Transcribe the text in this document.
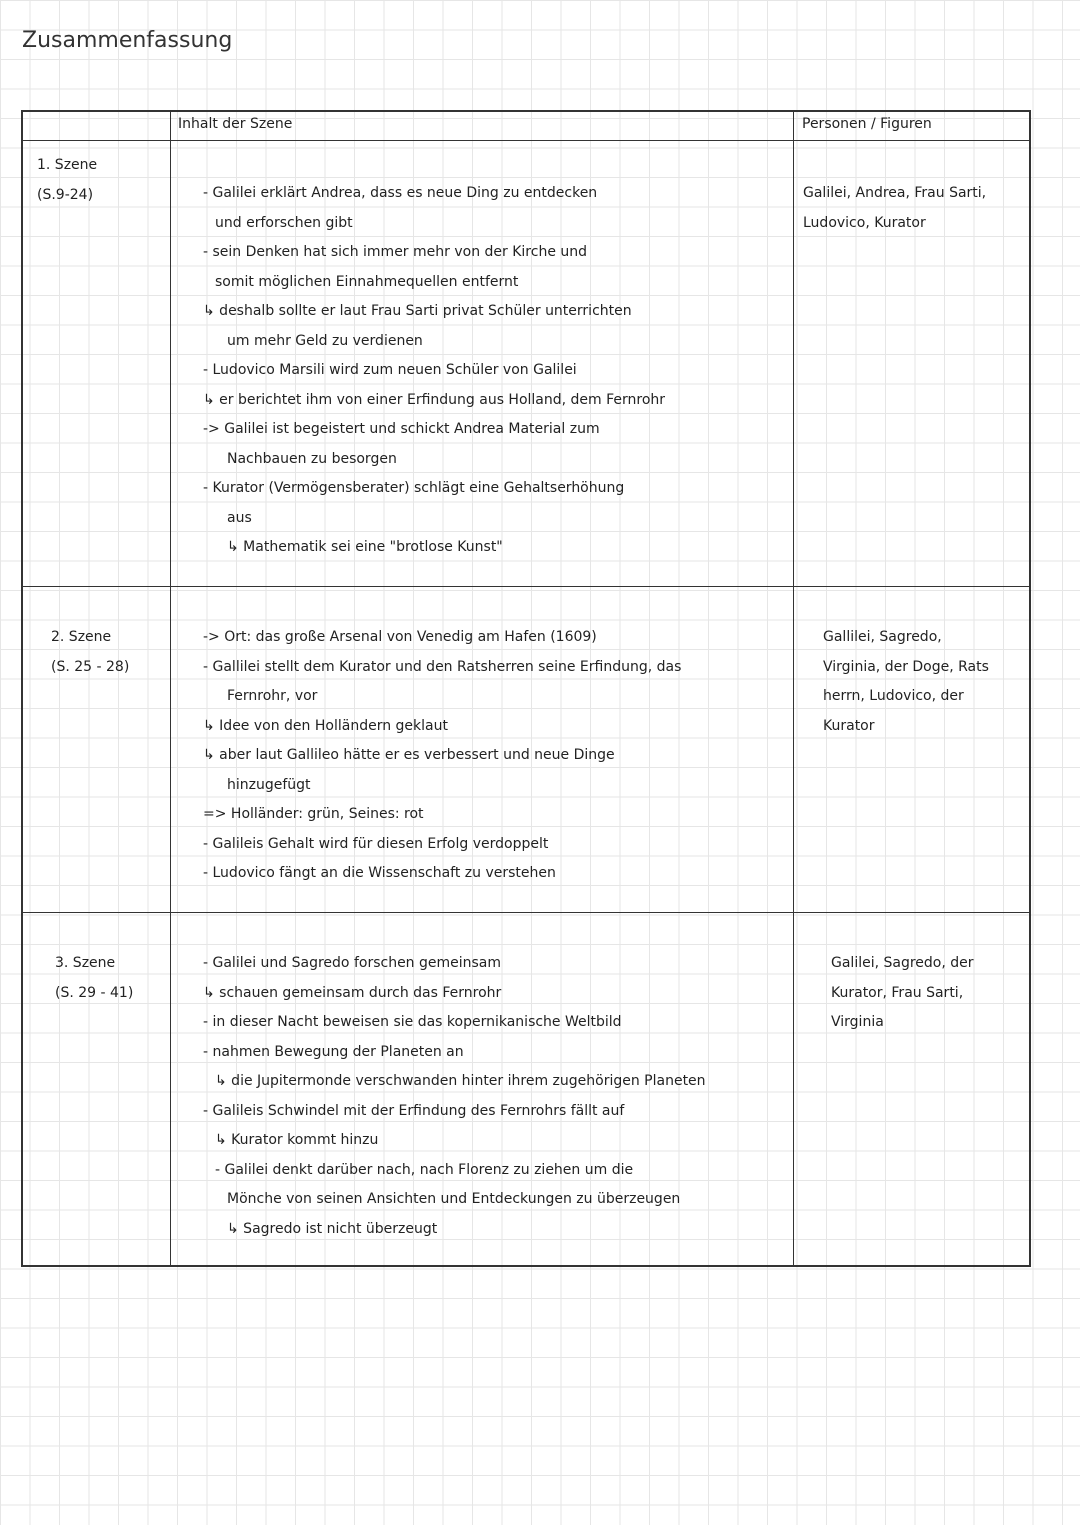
Zusammenfassung
Inhalt der Szene	Personen / Figuren
1. Szene
(S.9-24)	- Galilei erklärt Andrea, dass es neue Ding zu entdecken
und erforschen gibt
- sein Denken hat sich immer mehr von der Kirche und
somit möglichen Einnahmequellen entfernt
↳ deshalb sollte er laut Frau Sarti privat Schüler unterrichten
um mehr Geld zu verdienen
- Ludovico Marsili wird zum neuen Schüler von Galilei
↳ er berichtet ihm von einer Erfindung aus Holland, dem Fernrohr
-> Galilei ist begeistert und schickt Andrea Material zum
Nachbauen zu besorgen
- Kurator (Vermögensberater) schlägt eine Gehaltserhöhung
aus
↳ Mathematik sei eine "brotlose Kunst"
Galilei, Andrea, Frau Sarti,
Ludovico, Kurator
2. Szene
(S. 25 - 28)
-> Ort: das große Arsenal von Venedig am Hafen (1609)
- Gallilei stellt dem Kurator und den Ratsherren seine Erfindung, das
Fernrohr, vor
↳ Idee von den Holländern geklaut
↳ aber laut Gallileo hätte er es verbessert und neue Dinge
hinzugefügt
=> Holländer: grün, Seines: rot
- Galileis Gehalt wird für diesen Erfolg verdoppelt
- Ludovico fängt an die Wissenschaft zu verstehen
Gallilei, Sagredo,
Virginia, der Doge, Rats
herrn, Ludovico, der
Kurator
3. Szene
(S. 29 - 41)
- Galilei und Sagredo forschen gemeinsam
↳ schauen gemeinsam durch das Fernrohr
- in dieser Nacht beweisen sie das kopernikanische Weltbild
- nahmen Bewegung der Planeten an
↳ die Jupitermonde verschwanden hinter ihrem zugehörigen Planeten
- Galileis Schwindel mit der Erfindung des Fernrohrs fällt auf
↳ Kurator kommt hinzu
- Galilei denkt darüber nach, nach Florenz zu ziehen um die
Mönche von seinen Ansichten und Entdeckungen zu überzeugen
↳ Sagredo ist nicht überzeugt
Galilei, Sagredo, der
Kurator, Frau Sarti,
Virginia
